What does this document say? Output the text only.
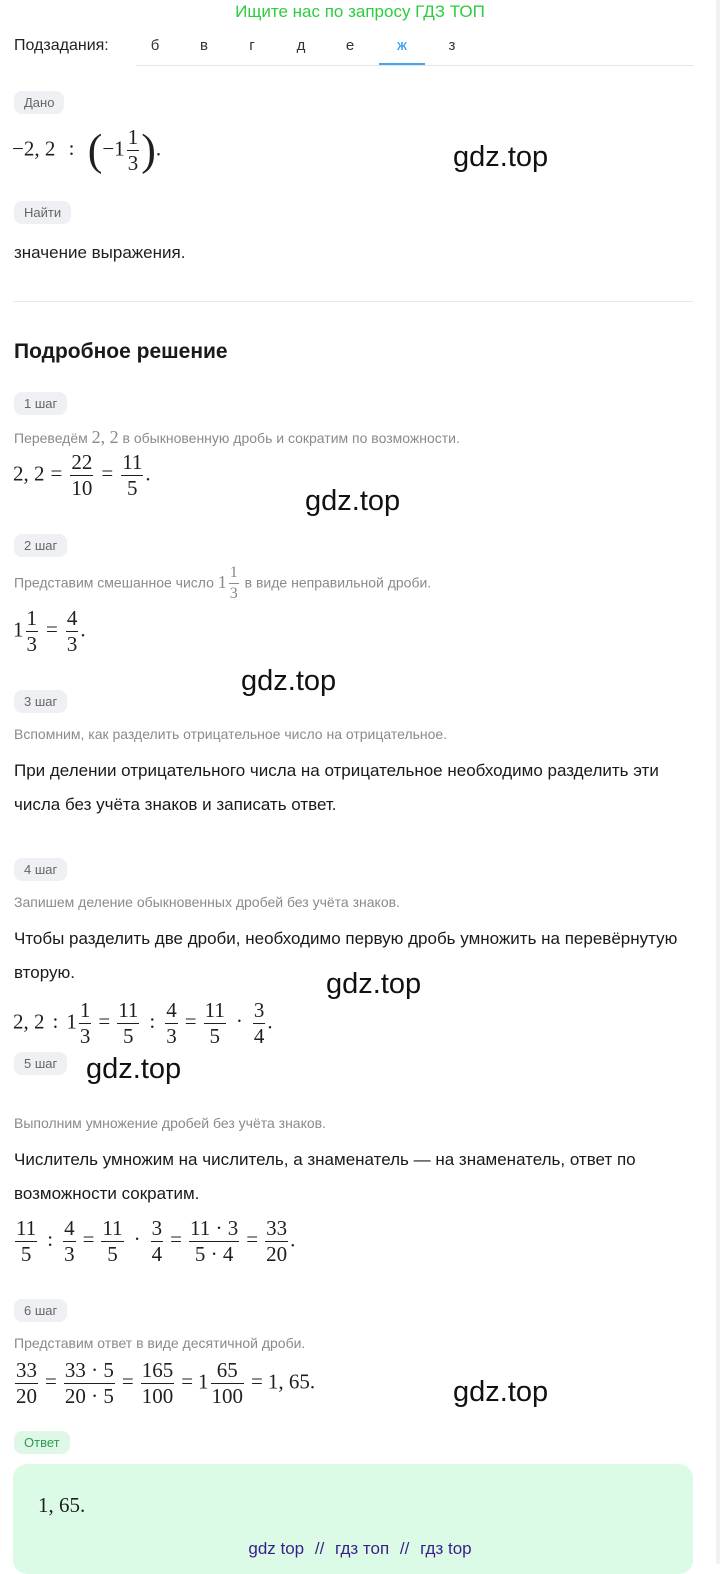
Ищите нас по запросу ГДЗ ТОП
Подзадания:	б	в	г	д	е	ж	з
Дано
−2, 2 : ($-1 \frac{1}{3}$ ).
Найти
значение выражения.
Подробное решение
1 шаг
Переведём 2, 2 в обыкновенную дробь и сократим по возможности.
2, $2 = \frac{22}{10} = \frac{11}{5}$ .
2 шаг
Представим смешанное число $1 \frac{1}{3}$ в виде неправильной дроби.
$1 \frac{1}{3} = \frac{4}{3}$ .
3 шаг
Вспомним, как разделить отрицательное число на отрицательное.
При делении отрицательного числа на отрицательное необходимо разделить эти числа без учёта знаков и записать ответ.
4 шаг
Запишем деление обыкновенных дробей без учёта знаков.
Чтобы разделить две дроби, необходимо первую дробь умножить на перевёрнутую вторую.
2, 2 : $1 \frac{1}{3} = \frac{11}{5}$ : $\frac{4}{3} = \frac{11}{5} \cdot \frac{3}{4}$ .
5 шаг
Выполним умножение дробей без учёта знаков.
Числитель умножим на числитель, а знаменатель — на знаменатель, ответ по возможности сократим.
$\frac{11}{5}$ : $\frac{4}{3} = \frac{11}{5} \cdot \frac{3}{4} = \frac{11 \cdot 3}{5 \cdot 4} = \frac{33}{20}$ .
6 шаг
Представим ответ в виде десятичной дроби.
$\frac{33}{20} = \frac{33 \cdot 5}{20 \cdot 5} = \frac{165}{100} = 1 \frac{65}{100} = 1$, 65.
Ответ
1, 65.
gdz.top
gdz.top
gdz.top
gdz.top
gdz.top
gdz.top
gdz top // гдз топ // гдз top
